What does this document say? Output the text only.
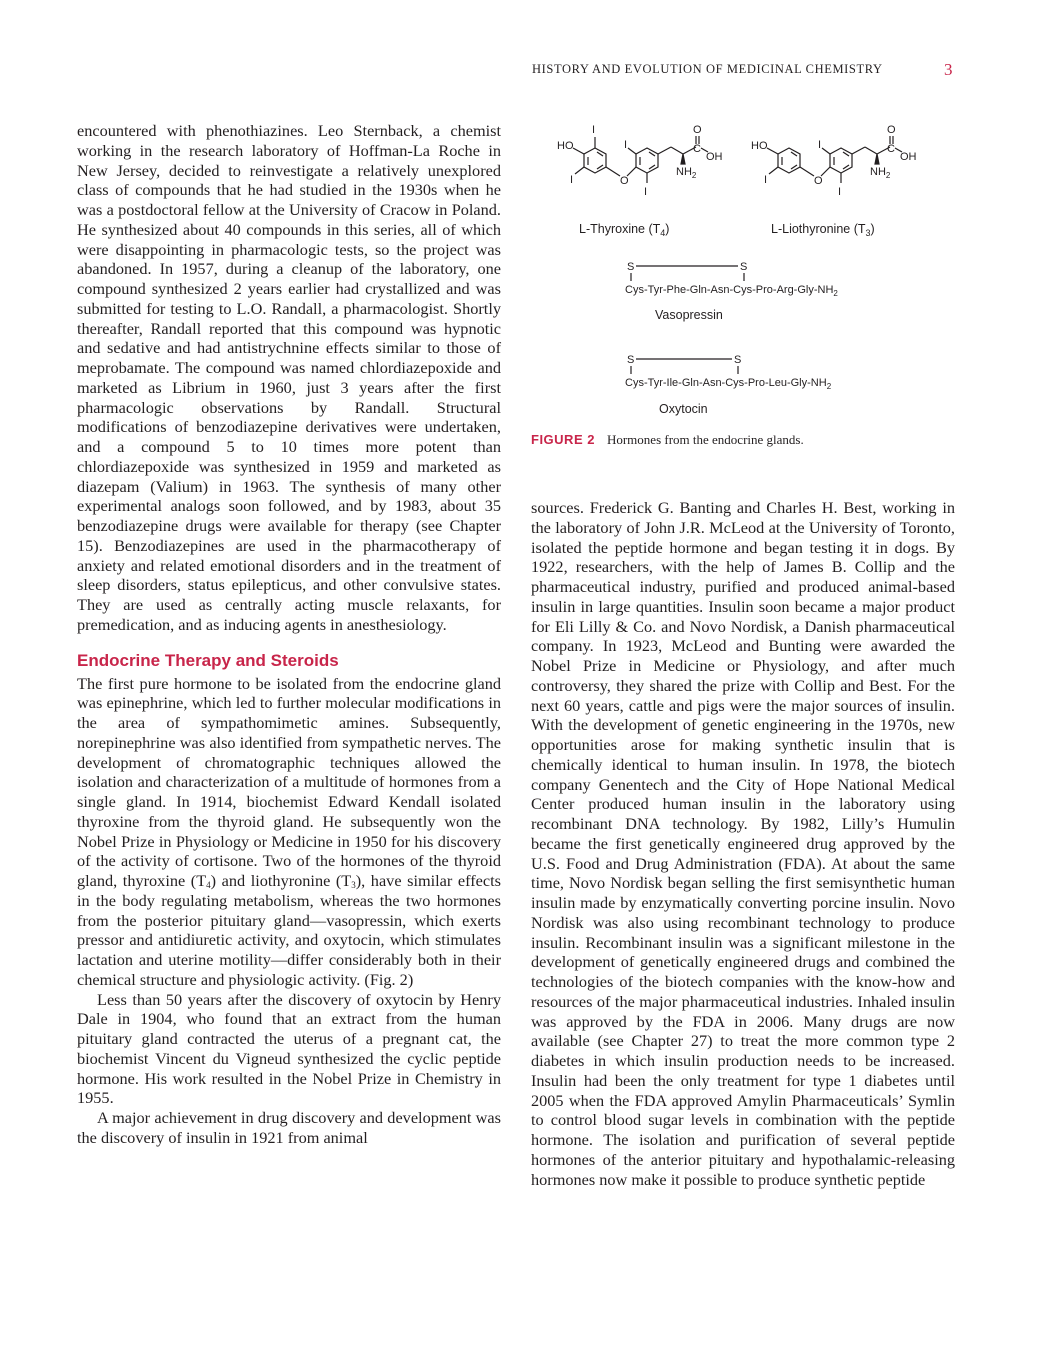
HISTORY AND EVOLUTION OF MEDICINAL CHEMISTRY	3

encountered with phenothiazines. Leo Sternback, a chemist working in the research laboratory of Hoffman-La Roche in New Jersey, decided to reinvestigate a relatively unexplored class of compounds that he had studied in the 1930s when he was a postdoctoral fellow at the University of Cracow in Poland. He synthesized about 40 compounds in this series, all of which were disappointing in pharmacologic tests, so the project was abandoned. In 1957, during a cleanup of the laboratory, one compound synthesized 2 years earlier had crystallized and was submitted for testing to L.O. Randall, a pharmacologist. Shortly thereafter, Randall reported that this compound was hypnotic and sedative and had antistrychnine effects similar to those of meprobamate. The compound was named chlordiazepoxide and marketed as Librium in 1960, just 3 years after the first pharmacologic observations by Randall. Structural modifications of benzodiazepine derivatives were undertaken, and a compound 5 to 10 times more potent than chlordiazepoxide was synthesized in 1959 and marketed as diazepam (Valium) in 1963. The synthesis of many other experimental analogs soon followed, and by 1983, about 35 benzodiazepine drugs were available for therapy (see Chapter 15). Benzodiazepines are used in the pharmacotherapy of anxiety and related emotional disorders and in the treatment of sleep disorders, status epilepticus, and other convulsive states. They are used as centrally acting muscle relaxants, for premedication, and as inducing agents in anesthesiology.

Endocrine Therapy and Steroids

The first pure hormone to be isolated from the endocrine gland was epinephrine, which led to further molecular modifications in the area of sympathomimetic amines. Subsequently, norepinephrine was also identified from sympathetic nerves. The development of chromatographic techniques allowed the isolation and characterization of a multitude of hormones from a single gland. In 1914, biochemist Edward Kendall isolated thyroxine from the thyroid gland. He subsequently won the Nobel Prize in Physiology or Medicine in 1950 for his discovery of the activity of cortisone. Two of the hormones of the thyroid gland, thyroxine $(T_4)$ and liothyronine $(T_3)$, have similar effects in the body regulating metabolism, whereas the two hormones from the posterior pituitary gland—vasopressin, which exerts pressor and antidiuretic activity, and oxytocin, which stimulates lactation and uterine motility—differ considerably both in their chemical structure and physiologic activity. (Fig. 2)

Less than 50 years after the discovery of oxytocin by Henry Dale in 1904, who found that an extract from the human pituitary gland contracted the uterus of a pregnant cat, the biochemist Vincent du Vigneud synthesized the cyclic peptide hormone. His work resulted in the Nobel Prize in Chemistry in 1955.

A major achievement in drug discovery and development was the discovery of insulin in 1921 from animal

HO
I
I	O
I
I
O
C
OH
$NH_2$
HO
I	O
I
I
O
C
OH
$NH_2$
L-Thyroxine $(T_4)$	L-Liothyronine $(T_3)$
S	S
Cys-$Tyr-Phe-Gln-Asn-Cys-Pro-Arg-Gly-NH_2$
Vasopressin
S	S
Cys-$Tyr-Ile-Gln-Asn-Cys-Pro-Leu-Gly-NH_2$
Oxytocin
FIGURE 2 Hormones from the endocrine glands.

sources. Frederick G. Banting and Charles H. Best, working in the laboratory of John J.R. McLeod at the University of Toronto, isolated the peptide hormone and began testing it in dogs. By 1922, researchers, with the help of James B. Collip and the pharmaceutical industry, purified and produced animal-based insulin in large quantities. Insulin soon became a major product for Eli Lilly & Co. and Novo Nordisk, a Danish pharmaceutical company. In 1923, McLeod and Bunting were awarded the Nobel Prize in Medicine or Physiology, and after much controversy, they shared the prize with Collip and Best. For the next 60 years, cattle and pigs were the major sources of insulin. With the development of genetic engineering in the 1970s, new opportunities arose for making synthetic insulin that is chemically identical to human insulin. In 1978, the biotech company Genentech and the City of Hope National Medical Center produced human insulin in the laboratory using recombinant DNA technology. By 1982, Lilly’s Humulin became the first genetically engineered drug approved by the U.S. Food and Drug Administration (FDA). At about the same time, Novo Nordisk began selling the first semisynthetic human insulin made by enzymatically converting porcine insulin. Novo Nordisk was also using recombinant technology to produce insulin. Recombinant insulin was a significant milestone in the development of genetically engineered drugs and combined the technologies of the biotech companies with the know-how and resources of the major pharmaceutical industries. Inhaled insulin was approved by the FDA in 2006. Many drugs are now available (see Chapter 27) to treat the more common type 2 diabetes in which insulin production needs to be increased. Insulin had been the only treatment for type 1 diabetes until 2005 when the FDA approved Amylin Pharmaceuticals’ Symlin to control blood sugar levels in combination with the peptide hormone. The isolation and purification of several peptide hormones of the anterior pituitary and hypothalamic-releasing hormones now make it possible to produce synthetic peptide
